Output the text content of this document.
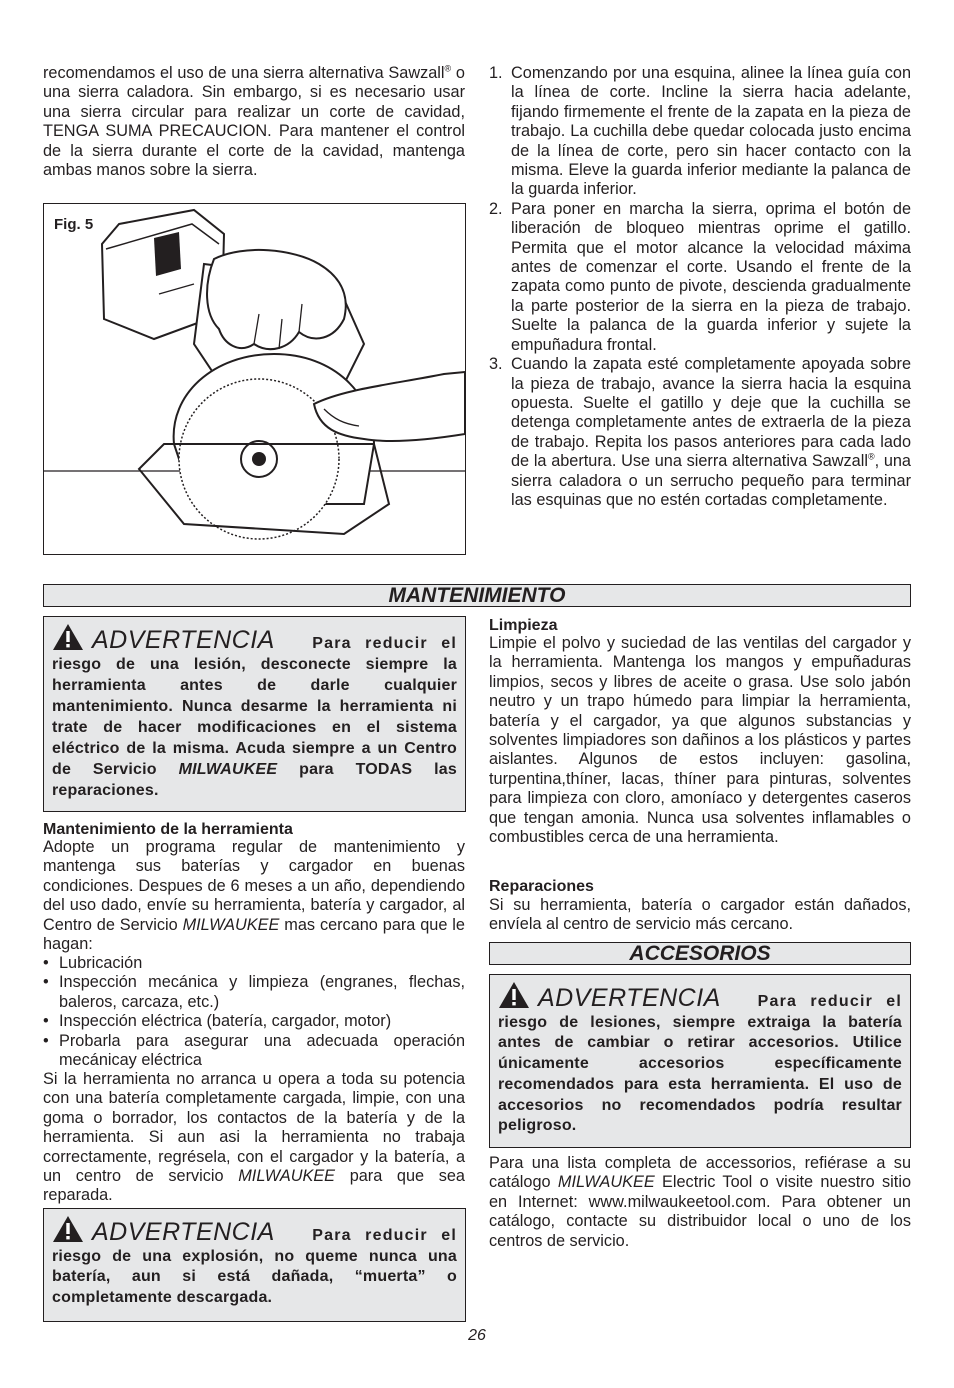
recomendamos el uso de una sierra alternativa Sawzall® o una sierra caladora. Sin embargo, si es necesario usar una sierra circular para realizar un corte de cavidad, TENGA SUMA PRECAUCION. Para mantener el control de la sierra durante el corte de la cavidad, mantenga ambas manos sobre la sierra.

Fig. 5
1. Comenzando por una esquina, alinee la línea guía con la línea de corte. Incline la sierra hacia adelante, fijando firmemente el frente de la zapata en la pieza de trabajo. La cuchilla debe quedar colocada justo encima de la línea de corte, pero sin hacer contacto con la misma. Eleve la guarda inferior mediante la palanca de la guarda inferior.
2. Para poner en marcha la sierra, oprima el botón de liberación de bloqueo mientras oprime el gatillo. Permita que el motor alcance la velocidad máxima antes de comenzar el corte. Usando el frente de la zapata como punto de pivote, descienda gradualmente la parte posterior de la sierra en la pieza de trabajo. Suelte la palanca de la guarda inferior y sujete la empuñadura frontal.
3. Cuando la zapata esté completamente apoyada sobre la pieza de trabajo, avance la sierra hacia la esquina opuesta. Suelte el gatillo y deje que la cuchilla se detenga completamente antes de extraerla de la pieza de trabajo. Repita los pasos anteriores para cada lado de la abertura. Use una sierra alternativa Sawzall®, una sierra caladora o un serrucho pequeño para terminar las esquinas que no estén cortadas completamente.
MANTENIMIENTO

ADVERTENCIA Para reducir el riesgo de una lesión, desconecte siempre la herramienta antes de darle cualquier mantenimiento. Nunca desarme la herramienta ni trate de hacer modificaciones en el sistema eléctrico de la misma. Acuda siempre a un Centro de Servicio MILWAUKEE para TODAS las reparaciones.

Mantenimiento de la herramienta

Adopte un programa regular de mantenimiento y mantenga sus baterías y cargador en buenas condiciones. Despues de 6 meses a un año, dependiendo del uso dado, envíe su herramienta, batería y cargador, al Centro de Servicio MILWAUKEE mas cercano para que le hagan:

• Lubricación
• Inspección mecánica y limpieza (engranes, flechas, baleros, carcaza, etc.)
• Inspección eléctrica (batería, cargador, motor)
• Probarla para asegurar una adecuada operación mecánicay eléctrica

Si la herramienta no arranca u opera a toda su potencia con una batería completamente cargada, limpie, con una goma o borrador, los contactos de la batería y de la herramienta. Si aun asi la herramienta no trabaja correctamente, regrésela, con el cargador y la batería, a un centro de servicio MILWAUKEE para que sea reparada.

ADVERTENCIA Para reducir el riesgo de una explosión, no queme nunca una batería, aun si está dañada, “muerta” o completamente descargada.

Limpieza

Limpie el polvo y suciedad de las ventilas del cargador y la herramienta. Mantenga los mangos y empuñaduras limpios, secos y libres de aceite o grasa. Use solo jabón neutro y un trapo húmedo para limpiar la herramienta, batería y el cargador, ya que algunos substancias y solventes limpiadores son dañinos a los plásticos y partes aislantes. Algunos de estos incluyen: gasolina, turpentina,thíner, lacas, thíner para pinturas, solventes para limpieza con cloro, amoníaco y detergentes caseros que tengan amonia. Nunca usa solventes inflamables o combustibles cerca de una herramienta.

Reparaciones

Si su herramienta, batería o cargador están dañados, envíela al centro de servicio más cercano.

ACCESORIOS

ADVERTENCIA Para reducir el riesgo de lesiones, siempre extraiga la batería antes de cambiar o retirar accesorios. Utilice únicamente accesorios específicamente recomendados para esta herramienta. El uso de accesorios no recomendados podría resultar peligroso.

Para una lista completa de accessorios, refiérase a su catálogo MILWAUKEE Electric Tool o visite nuestro sitio en Internet: www.milwaukeetool.com. Para obtener un catálogo, contacte su distribuidor local o uno de los centros de servicio.

26
